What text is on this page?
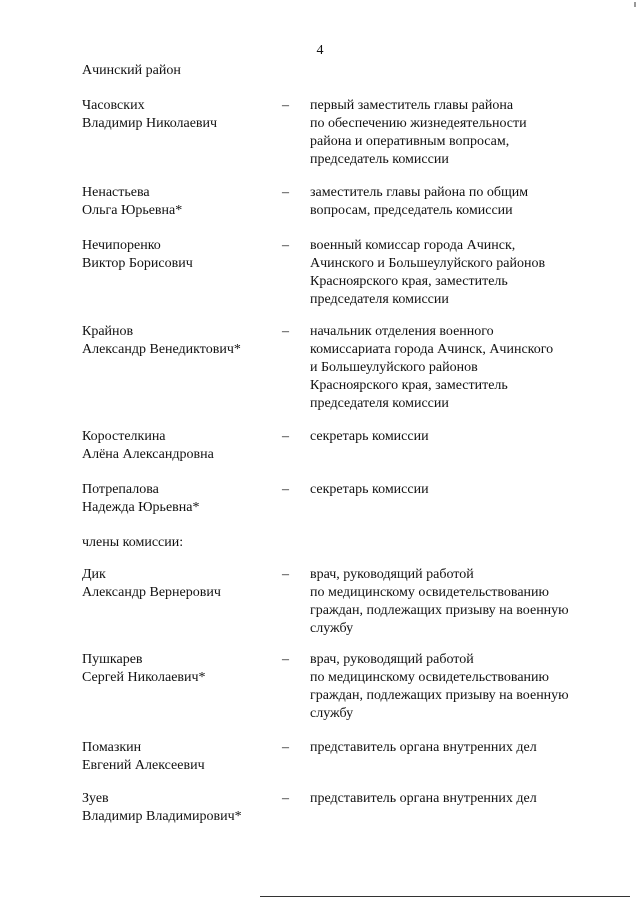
4
Ачинский район
Часовских
Владимир Николаевич
– первый заместитель главы района
по обеспечению жизнедеятельности
района и оперативным вопросам,
председатель комиссии
Ненастьева
Ольга Юрьевна*
– заместитель главы района по общим
вопросам, председатель комиссии
Нечипоренко
Виктор Борисович
– военный комиссар города Ачинск,
Ачинского и Большеулуйского районов
Красноярского края, заместитель
председателя комиссии
Крайнов
Александр Венедиктович*
– начальник отделения военного
комиссариата города Ачинск, Ачинского
и Большеулуйского районов
Красноярского края, заместитель
председателя комиссии
Коростелкина
Алёна Александровна
– секретарь комиссии
Потрепалова
Надежда Юрьевна*
– секретарь комиссии
члены комиссии:
Дик
Александр Вернерович
– врач, руководящий работой
по медицинскому освидетельствованию
граждан, подлежащих призыву на военную
службу
Пушкарев
Сергей Николаевич*
– врач, руководящий работой
по медицинскому освидетельствованию
граждан, подлежащих призыву на военную
службу
Помазкин
Евгений Алексеевич
– представитель органа внутренних дел
Зуев
Владимир Владимирович*
– представитель органа внутренних дел
